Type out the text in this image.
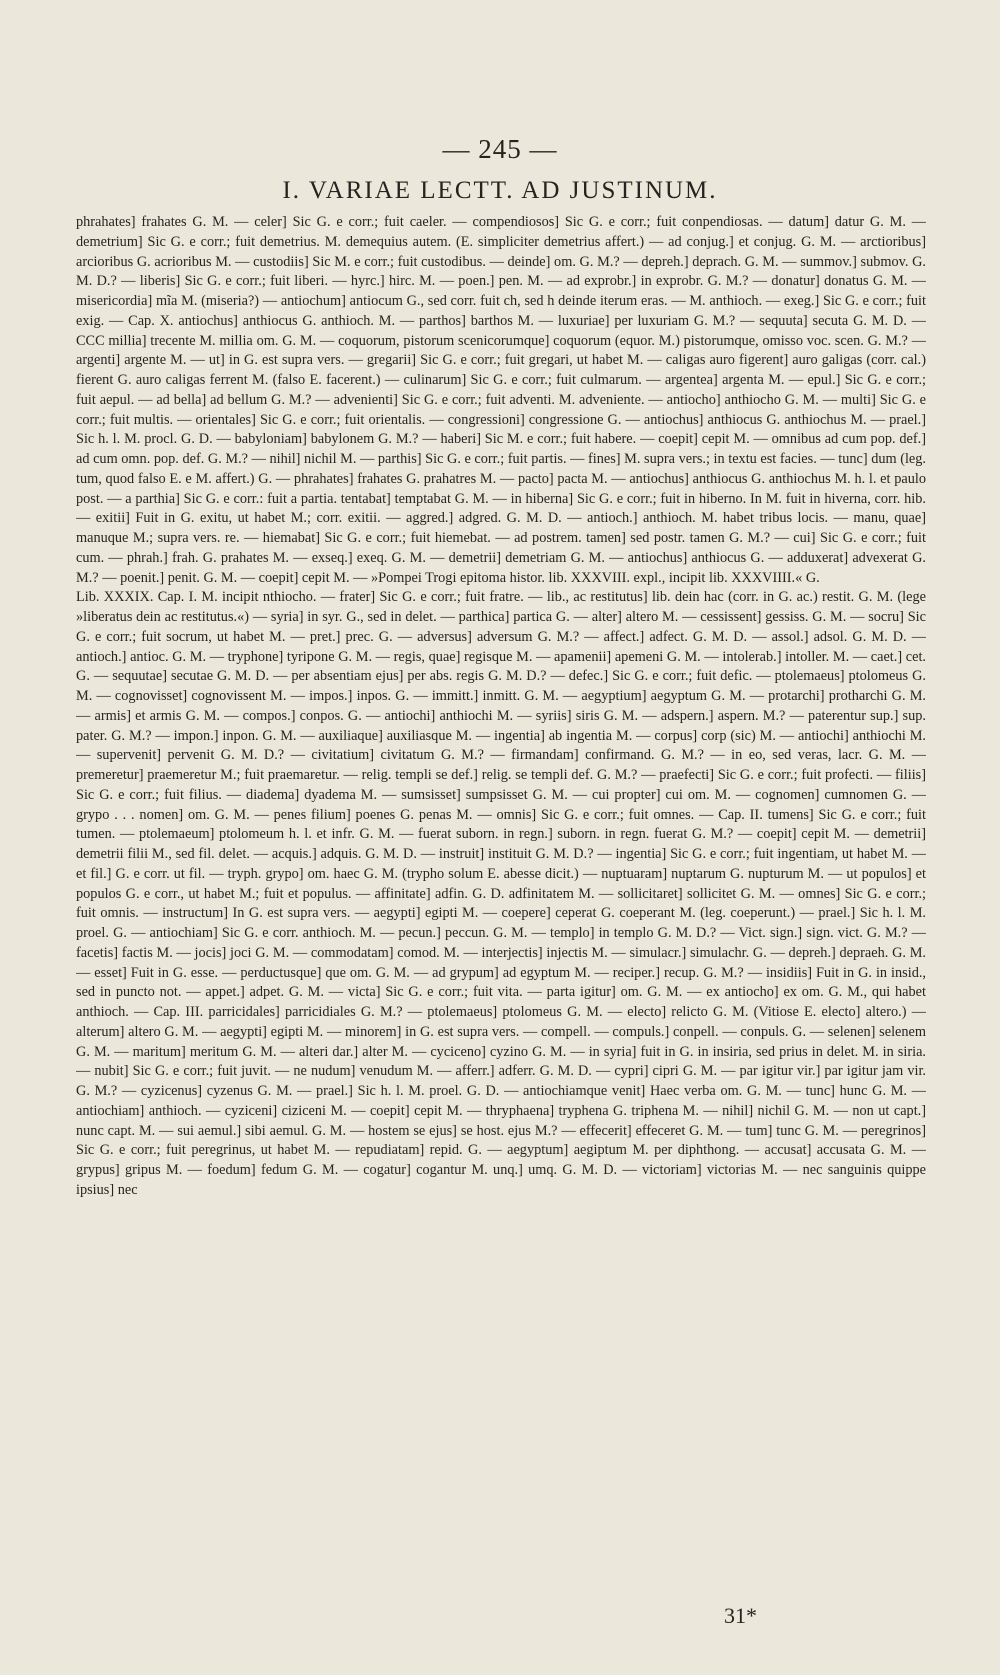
— 245 —
I. VARIAE LECTT. AD JUSTINUM.

phrahates] frahates G. M. — celer] Sic G. e corr.; fuit caeler. — compendiosos] Sic G. e corr.; fuit conpendiosas. — datum] datur G. M. — demetrium] Sic G. e corr.; fuit demetrius. M. demequius autem. (E. simpliciter demetrius affert.) — ad conjug.] et conjug. G. M. — arctioribus] arcioribus G. acrioribus M. — custodiis] Sic M. e corr.; fuit custodibus. — deinde] om. G. M.? — depreh.] deprach. G. M. — summov.] submov. G. M. D.? — liberis] Sic G. e corr.; fuit liberi. — hyrc.] hirc. M. — poen.] pen. M. — ad exprobr.] in exprobr. G. M.? — donatur] donatus G. M. — misericordia] mĩa M. (miseria?) — antiochum] antiocum G., sed corr. fuit ch, sed h deinde iterum eras. — M. anthioch. — exeg.] Sic G. e corr.; fuit exig. — Cap. X. antiochus] anthiocus G. anthioch. M. — parthos] barthos M. — luxuriae] per luxuriam G. M.? — sequuta] secuta G. M. D. — CCC millia] trecente M. millia om. G. M. — coquorum, pistorum scenicorumque] coquorum (equor. M.) pistorumque, omisso voc. scen. G. M.? — argenti] argente M. — ut] in G. est supra vers. — gregarii] Sic G. e corr.; fuit gregari, ut habet M. — caligas auro figerent] auro galigas (corr. cal.) fierent G. auro caligas ferrent M. (falso E. facerent.) — culinarum] Sic G. e corr.; fuit culmarum. — argentea] argenta M. — epul.] Sic G. e corr.; fuit aepul. — ad bella] ad bellum G. M.? — advenienti] Sic G. e corr.; fuit adventi. M. adveniente. — antiocho] anthiocho G. M. — multi] Sic G. e corr.; fuit multis. — orientales] Sic G. e corr.; fuit orientalis. — congressioni] congressione G. — antiochus] anthiocus G. anthiochus M. — prael.] Sic h. l. M. procl. G. D. — babyloniam] babylonem G. M.? — haberi] Sic M. e corr.; fuit habere. — coepit] cepit M. — omnibus ad cum pop. def.] ad cum omn. pop. def. G. M.? — nihil] nichil M. — parthis] Sic G. e corr.; fuit partis. — fines] M. supra vers.; in textu est facies. — tunc] dum (leg. tum, quod falso E. e M. affert.) G. — phrahates] frahates G. prahatres M. — pacto] pacta M. — antiochus] anthiocus G. anthiochus M. h. l. et paulo post. — a parthia] Sic G. e corr.: fuit a partia. tentabat] temptabat G. M. — in hiberna] Sic G. e corr.; fuit in hiberno. In M. fuit in hiverna, corr. hib. — exitii] Fuit in G. exitu, ut habet M.; corr. exitii. — aggred.] adgred. G. M. D. — antioch.] anthioch. M. habet tribus locis. — manu, quae] manuque M.; supra vers. re. — hiemabat] Sic G. e corr.; fuit hiemebat. — ad postrem. tamen] sed postr. tamen G. M.? — cui] Sic G. e corr.; fuit cum. — phrah.] frah. G. prahates M. — exseq.] exeq. G. M. — demetrii] demetriam G. M. — antiochus] anthiocus G. — adduxerat] advexerat G. M.? — poenit.] penit. G. M. — coepit] cepit M. — »Pompei Trogi epitoma histor. lib. XXXVIII. expl., incipit lib. XXXVIIII.« G.

Lib. XXXIX. Cap. I. M. incipit nthiocho. — frater] Sic G. e corr.; fuit fratre. — lib., ac restitutus] lib. dein hac (corr. in G. ac.) restit. G. M. (lege »liberatus dein ac restitutus.«) — syria] in syr. G., sed in delet. — parthica] partica G. — alter] altero M. — cessissent] gessiss. G. M. — socru] Sic G. e corr.; fuit socrum, ut habet M. — pret.] prec. G. — adversus] adversum G. M.? — affect.] adfect. G. M. D. — assol.] adsol. G. M. D. — antioch.] antioc. G. M. — tryphone] tyripone G. M. — regis, quae] regisque M. — apamenii] apemeni G. M. — intolerab.] intoller. M. — caet.] cet. G. — sequutae] secutae G. M. D. — per absentiam ejus] per abs. regis G. M. D.? — defec.] Sic G. e corr.; fuit defic. — ptolemaeus] ptolomeus G. M. — cognovisset] cognovissent M. — impos.] inpos. G. — immitt.] inmitt. G. M. — aegyptium] aegyptum G. M. — protarchi] protharchi G. M. — armis] et armis G. M. — compos.] conpos. G. — antiochi] anthiochi M. — syriis] siris G. M. — adspern.] aspern. M.? — paterentur sup.] sup. pater. G. M.? — impon.] inpon. G. M. — auxiliaque] auxiliasque M. — ingentia] ab ingentia M. — corpus] corp (sic) M. — antiochi] anthiochi M. — supervenit] pervenit G. M. D.? — civitatium] civitatum G. M.? — firmandam] confirmand. G. M.? — in eo, sed veras, lacr. G. M. — premeretur] praemeretur M.; fuit praemaretur. — relig. templi se def.] relig. se templi def. G. M.? — praefecti] Sic G. e corr.; fuit profecti. — filiis] Sic G. e corr.; fuit filius. — diadema] dyadema M. — sumsisset] sumpsisset G. M. — cui propter] cui om. M. — cognomen] cumnomen G. — grypo . . . nomen] om. G. M. — penes filium] poenes G. penas M. — omnis] Sic G. e corr.; fuit omnes. — Cap. II. tumens] Sic G. e corr.; fuit tumen. — ptolemaeum] ptolomeum h. l. et infr. G. M. — fuerat suborn. in regn.] suborn. in regn. fuerat G. M.? — coepit] cepit M. — demetrii] demetrii filii M., sed fil. delet. — acquis.] adquis. G. M. D. — instruit] instituit G. M. D.? — ingentia] Sic G. e corr.; fuit ingentiam, ut habet M. — et fil.] G. e corr. ut fil. — tryph. grypo] om. haec G. M. (trypho solum E. abesse dicit.) — nuptuaram] nuptarum G. nupturum M. — ut populos] et populos G. e corr., ut habet M.; fuit et populus. — affinitate] adfin. G. D. adfinitatem M. — sollicitaret] sollicitet G. M. — omnes] Sic G. e corr.; fuit omnis. — instructum] In G. est supra vers. — aegypti] egipti M. — coepere] ceperat G. coeperant M. (leg. coeperunt.) — prael.] Sic h. l. M. proel. G. — antiochiam] Sic G. e corr. anthioch. M. — pecun.] peccun. G. M. — templo] in templo G. M. D.? — Vict. sign.] sign. vict. G. M.? — facetis] factis M. — jocis] joci G. M. — commodatam] comod. M. — interjectis] injectis M. — simulacr.] simulachr. G. — depreh.] depraeh. G. M. — esset] Fuit in G. esse. — perductusque] que om. G. M. — ad grypum] ad egyptum M. — reciper.] recup. G. M.? — insidiis] Fuit in G. in insid., sed in puncto not. — appet.] adpet. G. M. — victa] Sic G. e corr.; fuit vita. — parta igitur] om. G. M. — ex antiocho] ex om. G. M., qui habet anthioch. — Cap. III. parricidales] parricidiales G. M.? — ptolemaeus] ptolomeus G. M. — electo] relicto G. M. (Vitiose E. electo] altero.) — alterum] altero G. M. — aegypti] egipti M. — minorem] in G. est supra vers. — compell. — compuls.] conpell. — conpuls. G. — selenen] selenem G. M. — maritum] meritum G. M. — alteri dar.] alter M. — cyciceno] cyzino G. M. — in syria] fuit in G. in insiria, sed prius in delet. M. in siria. — nubit] Sic G. e corr.; fuit juvit. — ne nudum] venudum M. — afferr.] adferr. G. M. D. — cypri] cipri G. M. — par igitur vir.] par igitur jam vir. G. M.? — cyzicenus] cyzenus G. M. — prael.] Sic h. l. M. proel. G. D. — antiochiamque venit] Haec verba om. G. M. — tunc] hunc G. M. — antiochiam] anthioch. — cyziceni] ciziceni M. — coepit] cepit M. — thryphaena] tryphena G. triphena M. — nihil] nichil G. M. — non ut capt.] nunc capt. M. — sui aemul.] sibi aemul. G. M. — hostem se ejus] se host. ejus M.? — effecerit] effeceret G. M. — tum] tunc G. M. — peregrinos] Sic G. e corr.; fuit peregrinus, ut habet M. — repudiatam] repid. G. — aegyptum] aegiptum M. per diphthong. — accusat] accusata G. M. — grypus] gripus M. — foedum] fedum G. M. — cogatur] cogantur M. unq.] umq. G. M. D. — victoriam] victorias M. — nec sanguinis quippe ipsius] nec

31*
